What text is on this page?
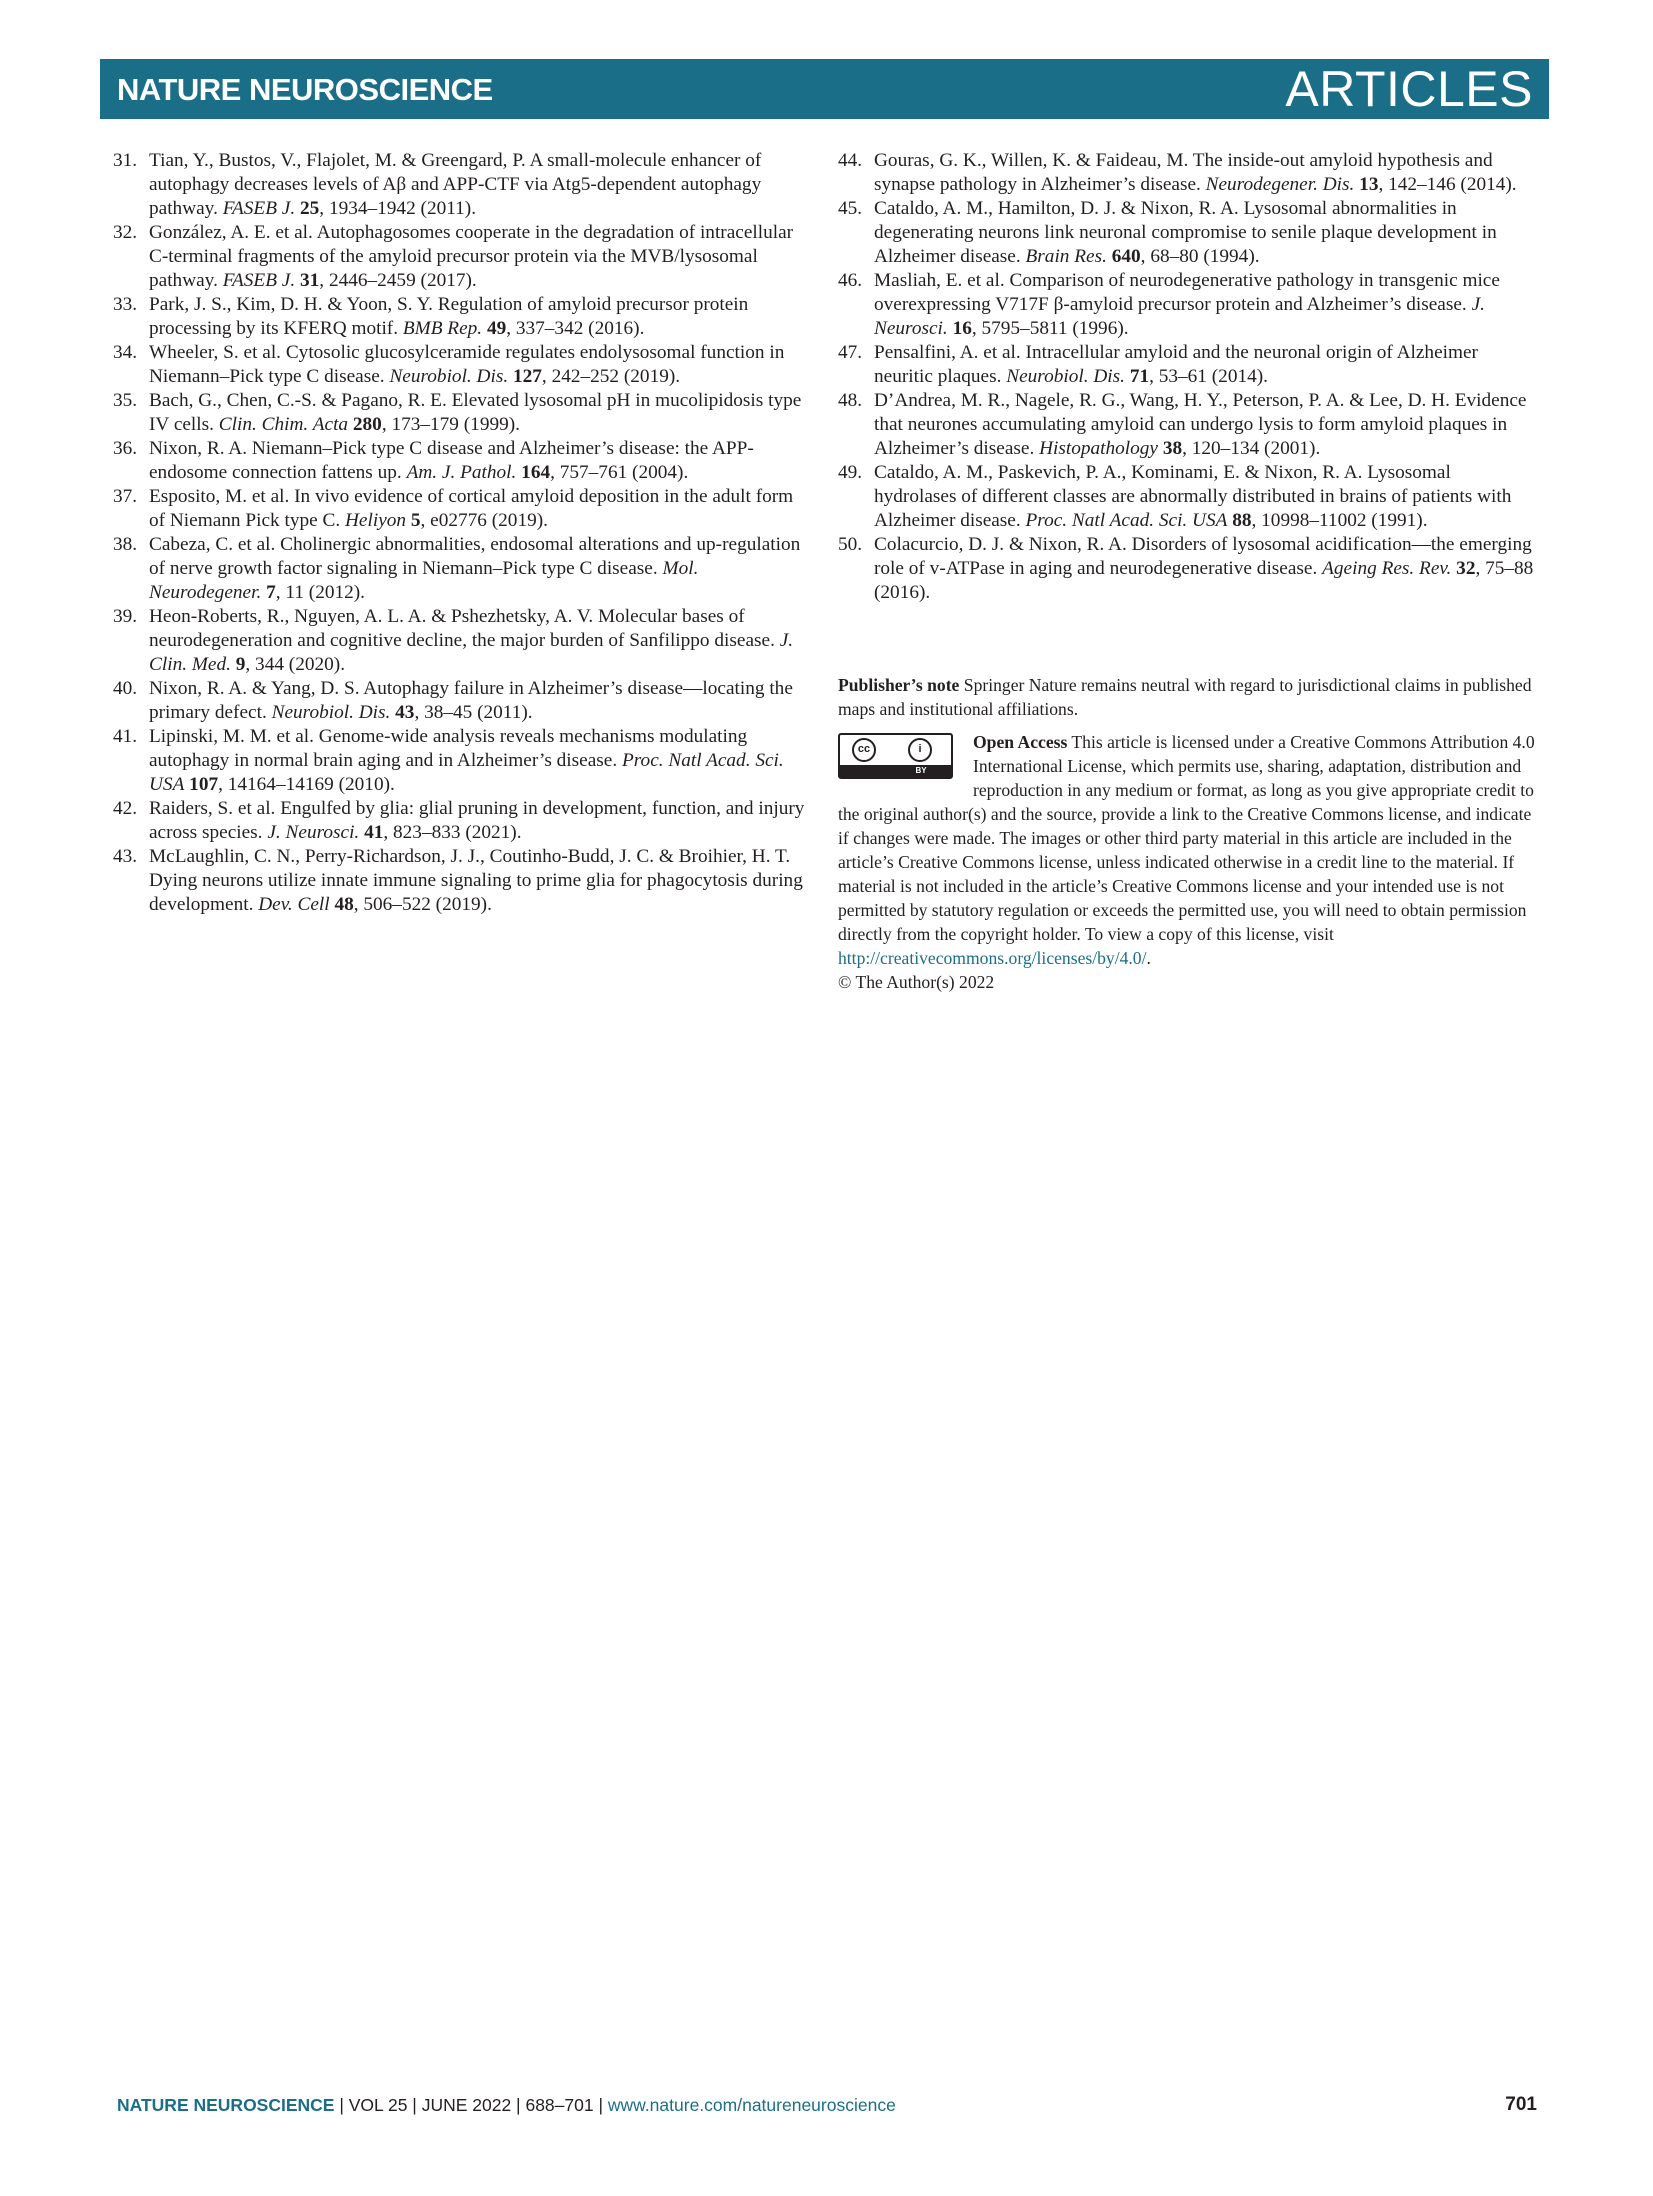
NATURE NEUROSCIENCE	ARTICLES

31. Tian, Y., Bustos, V., Flajolet, M. & Greengard, P. A small-molecule enhancer of autophagy decreases levels of Aβ and APP-CTF via Atg5-dependent autophagy pathway. FASEB J. 25, 1934–1942 (2011).

32. González, A. E. et al. Autophagosomes cooperate in the degradation of intracellular C-terminal fragments of the amyloid precursor protein via the MVB/lysosomal pathway. FASEB J. 31, 2446–2459 (2017).

33. Park, J. S., Kim, D. H. & Yoon, S. Y. Regulation of amyloid precursor protein processing by its KFERQ motif. BMB Rep. 49, 337–342 (2016).

34. Wheeler, S. et al. Cytosolic glucosylceramide regulates endolysosomal function in Niemann–Pick type C disease. Neurobiol. Dis. 127, 242–252 (2019).

35. Bach, G., Chen, C.-S. & Pagano, R. E. Elevated lysosomal pH in mucolipidosis type IV cells. Clin. Chim. Acta 280, 173–179 (1999).

36. Nixon, R. A. Niemann–Pick type C disease and Alzheimer’s disease: the APP-endosome connection fattens up. Am. J. Pathol. 164, 757–761 (2004).

37. Esposito, M. et al. In vivo evidence of cortical amyloid deposition in the adult form of Niemann Pick type C. Heliyon 5, e02776 (2019).

38. Cabeza, C. et al. Cholinergic abnormalities, endosomal alterations and up-regulation of nerve growth factor signaling in Niemann–Pick type C disease. Mol. Neurodegener. 7, 11 (2012).

39. Heon-Roberts, R., Nguyen, A. L. A. & Pshezhetsky, A. V. Molecular bases of neurodegeneration and cognitive decline, the major burden of Sanfilippo disease. J. Clin. Med. 9, 344 (2020).

40. Nixon, R. A. & Yang, D. S. Autophagy failure in Alzheimer’s disease—locating the primary defect. Neurobiol. Dis. 43, 38–45 (2011).

41. Lipinski, M. M. et al. Genome-wide analysis reveals mechanisms modulating autophagy in normal brain aging and in Alzheimer’s disease. Proc. Natl Acad. Sci. USA 107, 14164–14169 (2010).

42. Raiders, S. et al. Engulfed by glia: glial pruning in development, function, and injury across species. J. Neurosci. 41, 823–833 (2021).

43. McLaughlin, C. N., Perry-Richardson, J. J., Coutinho-Budd, J. C. & Broihier, H. T. Dying neurons utilize innate immune signaling to prime glia for phagocytosis during development. Dev. Cell 48, 506–522 (2019).

44. Gouras, G. K., Willen, K. & Faideau, M. The inside-out amyloid hypothesis and synapse pathology in Alzheimer’s disease. Neurodegener. Dis. 13, 142–146 (2014).

45. Cataldo, A. M., Hamilton, D. J. & Nixon, R. A. Lysosomal abnormalities in degenerating neurons link neuronal compromise to senile plaque development in Alzheimer disease. Brain Res. 640, 68–80 (1994).

46. Masliah, E. et al. Comparison of neurodegenerative pathology in transgenic mice overexpressing V717F β-amyloid precursor protein and Alzheimer’s disease. J. Neurosci. 16, 5795–5811 (1996).

47. Pensalfini, A. et al. Intracellular amyloid and the neuronal origin of Alzheimer neuritic plaques. Neurobiol. Dis. 71, 53–61 (2014).

48. D’Andrea, M. R., Nagele, R. G., Wang, H. Y., Peterson, P. A. & Lee, D. H. Evidence that neurones accumulating amyloid can undergo lysis to form amyloid plaques in Alzheimer’s disease. Histopathology 38, 120–134 (2001).

49. Cataldo, A. M., Paskevich, P. A., Kominami, E. & Nixon, R. A. Lysosomal hydrolases of different classes are abnormally distributed in brains of patients with Alzheimer disease. Proc. Natl Acad. Sci. USA 88, 10998–11002 (1991).

50. Colacurcio, D. J. & Nixon, R. A. Disorders of lysosomal acidification—the emerging role of v-ATPase in aging and neurodegenerative disease. Ageing Res. Rev. 32, 75–88 (2016).

Publisher’s note Springer Nature remains neutral with regard to jurisdictional claims in published maps and institutional affiliations.
cc	i
BY
Open Access This article is licensed under a Creative Commons Attribution 4.0 International License, which permits use, sharing, adaptation, distribution and reproduction in any medium or format, as long as you give appropriate credit to the original author(s) and the source, provide a link to the Creative Commons license, and indicate if changes were made. The images or other third party material in this article are included in the article’s Creative Commons license, unless indicated otherwise in a credit line to the material. If material is not included in the article’s Creative Commons license and your intended use is not permitted by statutory regulation or exceeds the permitted use, you will need to obtain permission directly from the copyright holder. To view a copy of this license, visit http://creativecommons.org/licenses/by/4.0/.
© The Author(s) 2022
NATURE NEUROSCIENCE | VOL 25 | JUNE 2022 | 688–701 | www.nature.com/natureneuroscience	701
